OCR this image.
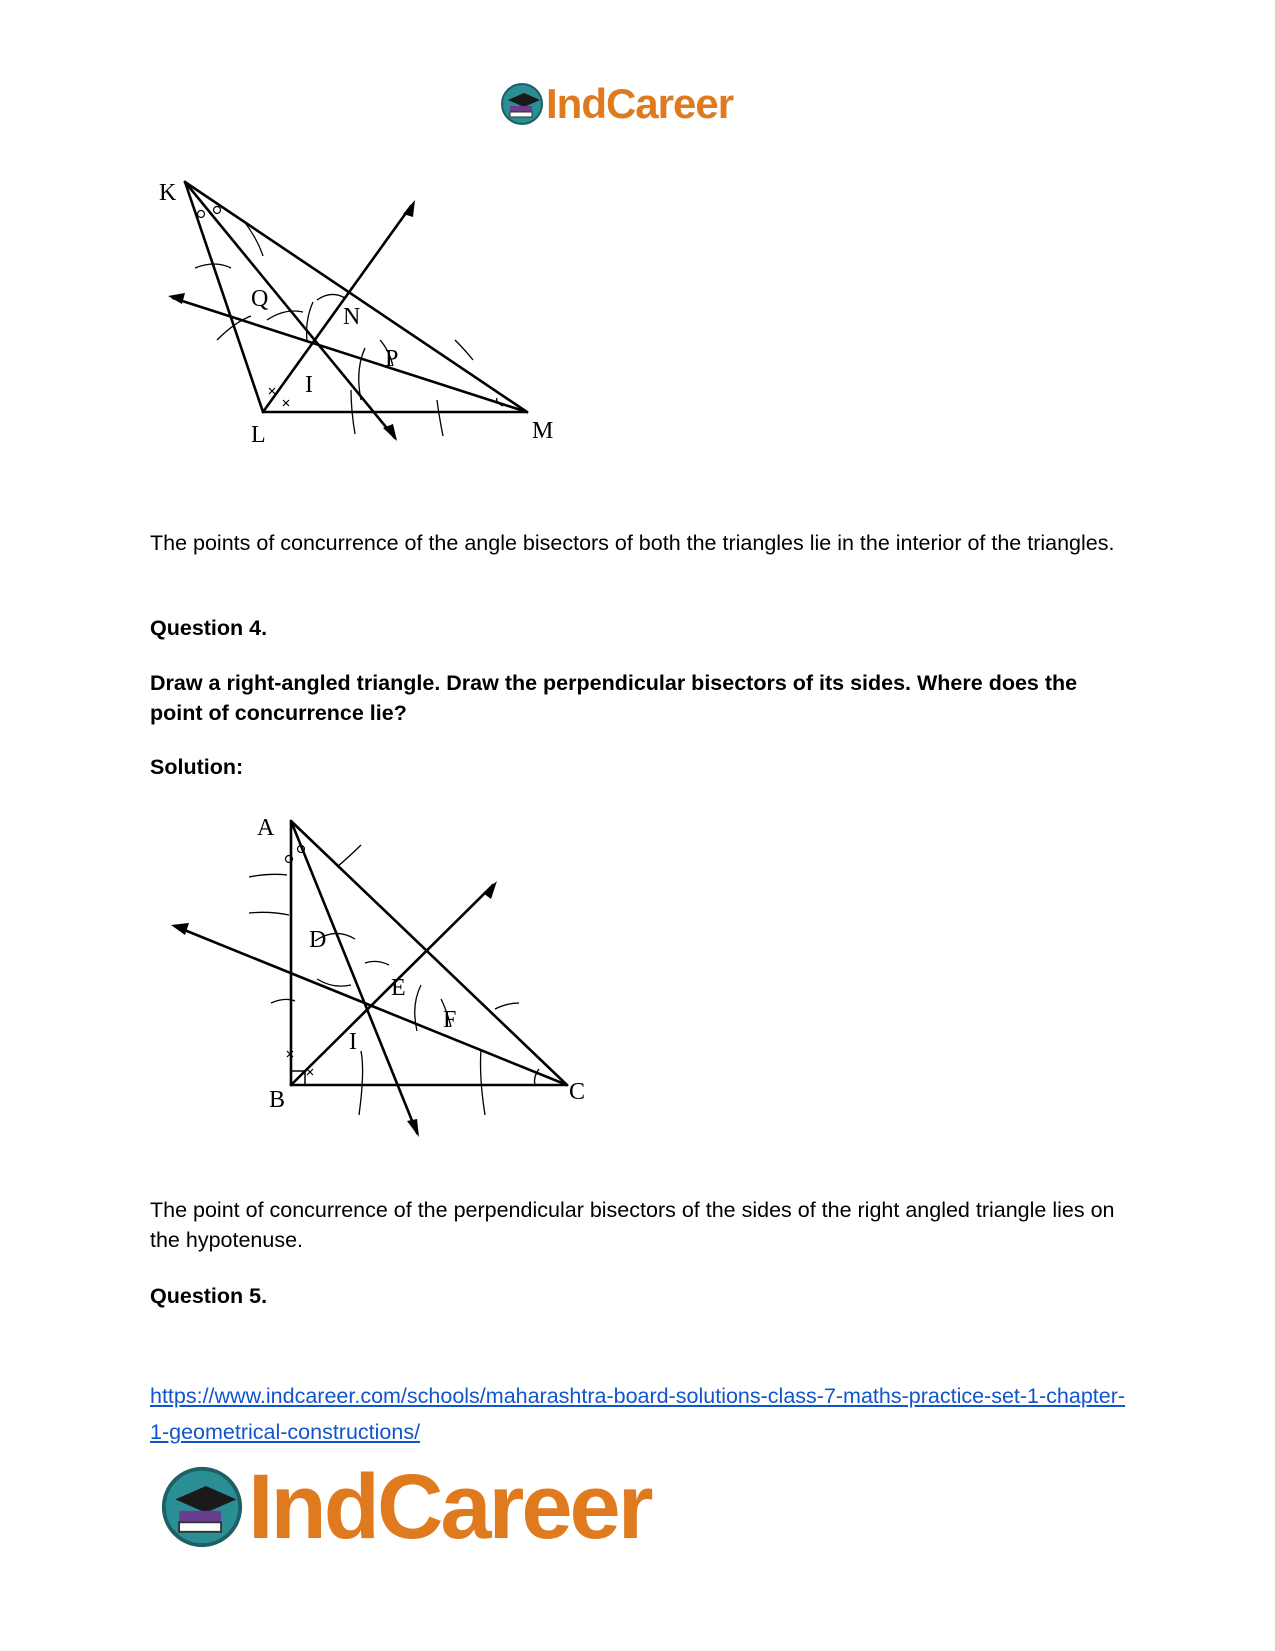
IndCareer
K
L	M
N
P
Q
I
The points of concurrence of the angle bisectors of both the triangles lie in the interior of the triangles.
Question 4.
Draw a right-angled triangle. Draw the perpendicular bisectors of its sides. Where does the point of concurrence lie?
Solution:
A
B	C
D
E
F
I
The point of concurrence of the perpendicular bisectors of the sides of the right angled triangle lies on the hypotenuse.
Question 5.
https://www.indcareer.com/schools/maharashtra-board-solutions-class-7-maths-practice-set-1-chapter-1-geometrical-constructions/
IndCareer
